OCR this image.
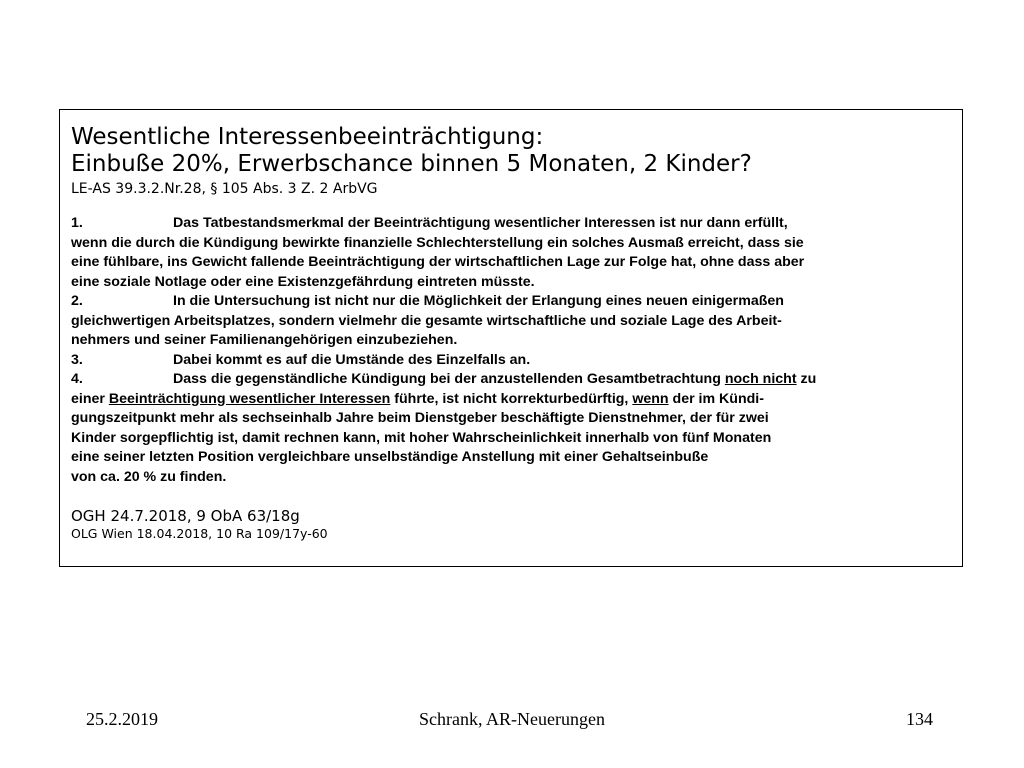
Wesentliche Interessenbeeinträchtigung:
Einbuße 20%, Erwerbschance binnen 5 Monaten, 2 Kinder?
LE-AS 39.3.2.Nr.28, § 105 Abs. 3 Z. 2 ArbVG
1.	Das Tatbestandsmerkmal der Beeinträchtigung wesentlicher Interessen ist nur dann erfüllt,
wenn die durch die Kündigung bewirkte finanzielle Schlechterstellung ein solches Ausmaß erreicht, dass sie
eine fühlbare, ins Gewicht fallende Beeinträchtigung der wirtschaftlichen Lage zur Folge hat, ohne dass aber
eine soziale Notlage oder eine Existenzgefährdung eintreten müsste.
2.	In die Untersuchung ist nicht nur die Möglichkeit der Erlangung eines neuen einigermaßen
gleichwertigen Arbeitsplatzes, sondern vielmehr die gesamte wirtschaftliche und soziale Lage des Arbeit-
nehmers und seiner Familienangehörigen einzubeziehen.
3.	Dabei kommt es auf die Umstände des Einzelfalls an.
4.	Dass die gegenständliche Kündigung bei der anzustellenden Gesamtbetrachtung noch nicht zu
einer Beeinträchtigung wesentlicher Interessen führte, ist nicht korrekturbedürftig, wenn der im Kündi-
gungszeitpunkt mehr als sechseinhalb Jahre beim Dienstgeber beschäftigte Dienstnehmer, der für zwei
Kinder sorgepflichtig ist, damit rechnen kann, mit hoher Wahrscheinlichkeit innerhalb von fünf Monaten
eine seiner letzten Position vergleichbare unselbständige Anstellung mit einer Gehaltseinbuße
von ca. 20 % zu finden.
OGH 24.7.2018, 9 ObA 63/18g
OLG Wien 18.04.2018, 10 Ra 109/17y-60
25.2.2019	Schrank, AR-Neuerungen	134
